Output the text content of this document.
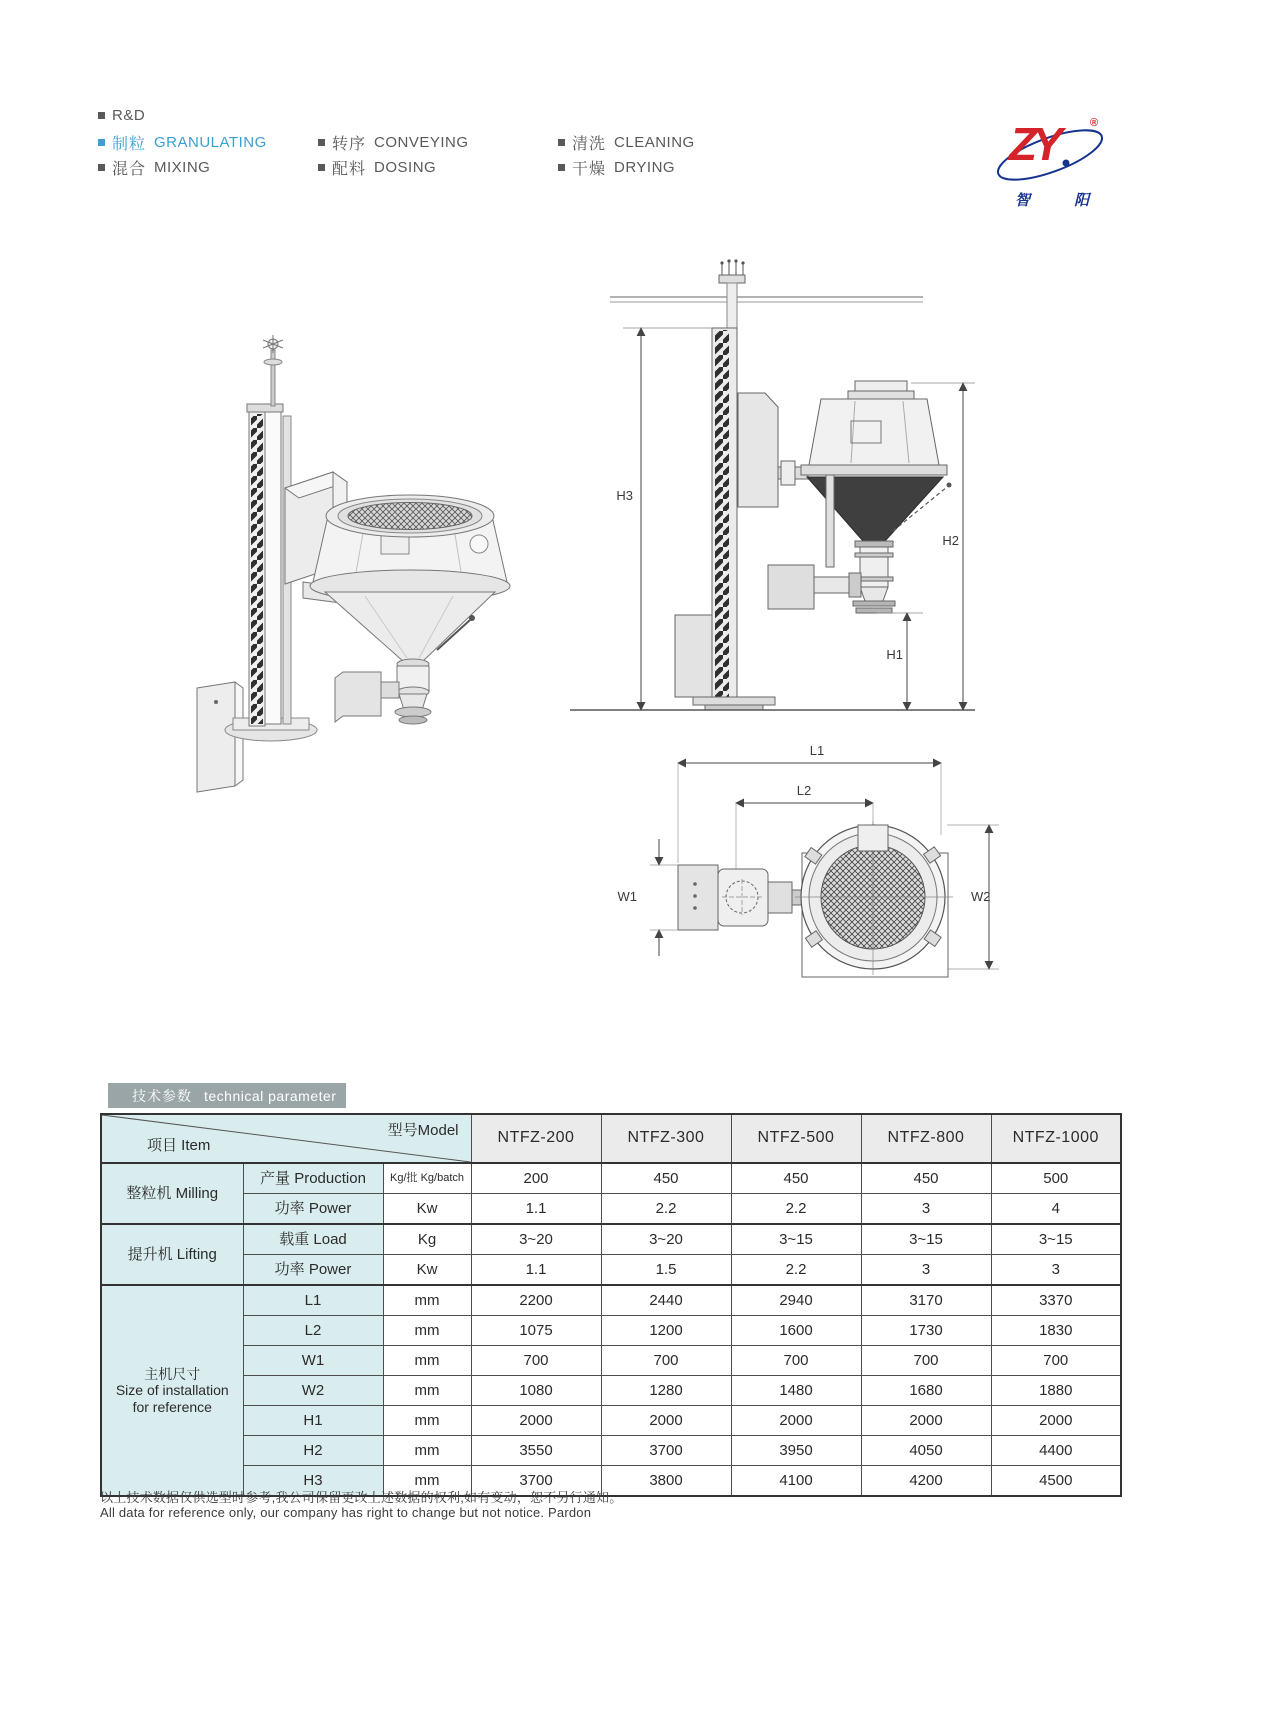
R&D
制粒 GRANULATING
混合 MIXING
转序 CONVEYING
配料 DOSING
清洗 CLEANING
干燥 DRYING	ZY	®
智 阳
H3
H2
H1
L1
L2
W1	W2
技术参数 technical parameter
项目 Item
型号Model			NTFZ-200	NTFZ-300	NTFZ-500	NTFZ-800	NTFZ-1000
整粒机 Milling	产量 Production	Kg/批 Kg/batch	200	450	450	450	500
	功率 Power	Kw	1.1	2.2	2.2	3	4
提升机 Lifting	载重 Load	Kg	3~20	3~20	3~15	3~15	3~15
	功率 Power	Kw	1.1	1.5	2.2	3	3

主机尺寸
Size of installation
for reference	L1	mm	2200	2440	2940	3170	3370
	L2	mm	1075	1200	1600	1730	1830
	W1	mm	700	700	700	700	700
	W2	mm	1080	1280	1480	1680	1880
	H1	mm	2000	2000	2000	2000	2000
	H2	mm	3550	3700	3950	4050	4400
	H3	mm	3700	3800	4100	4200	4500
以上技术数据仅供选型时参考,我公司保留更改上述数据的权利,如有变动，恕不另行通知。
All data for reference only, our company has right to change but not notice. Pardon
